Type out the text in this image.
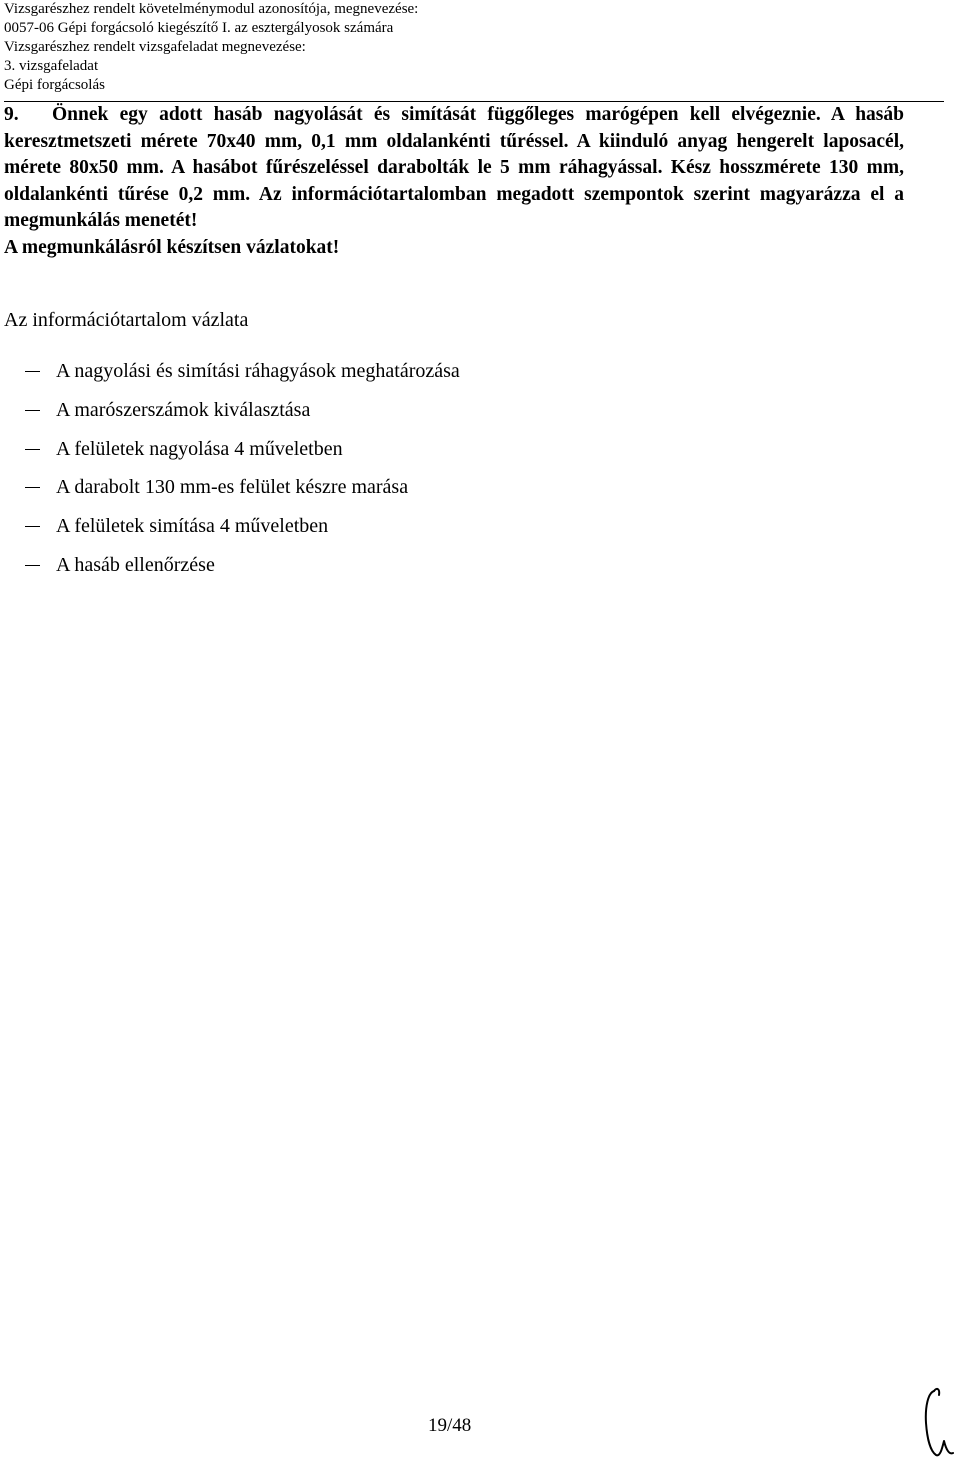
Vizsgarészhez rendelt követelménymodul azonosítója, megnevezése:
0057-06 Gépi forgácsoló kiegészítő I. az esztergályosok számára
Vizsgarészhez rendelt vizsgafeladat megnevezése:
3. vizsgafeladat
Gépi forgácsolás
9. Önnek egy adott hasáb nagyolását és simítását függőleges marógépen kell elvégeznie. A hasáb keresztmetszeti mérete 70x40 mm, 0,1 mm oldalankénti tűréssel. A kiinduló anyag hengerelt laposacél, mérete 80x50 mm. A hasábot fűrészeléssel darabolták le 5 mm ráhagyással. Kész hosszmérete 130 mm, oldalankénti tűrése 0,2 mm. Az információtartalomban megadott szempontok szerint magyarázza el a megmunkálás menetét!
A megmunkálásról készítsen vázlatokat!
Az információtartalom vázlata
A nagyolási és simítási ráhagyások meghatározása
A marószerszámok kiválasztása
A felületek nagyolása 4 műveletben
A darabolt 130 mm-es felület készre marása
A felületek simítása 4 műveletben
A hasáb ellenőrzése
19/48
